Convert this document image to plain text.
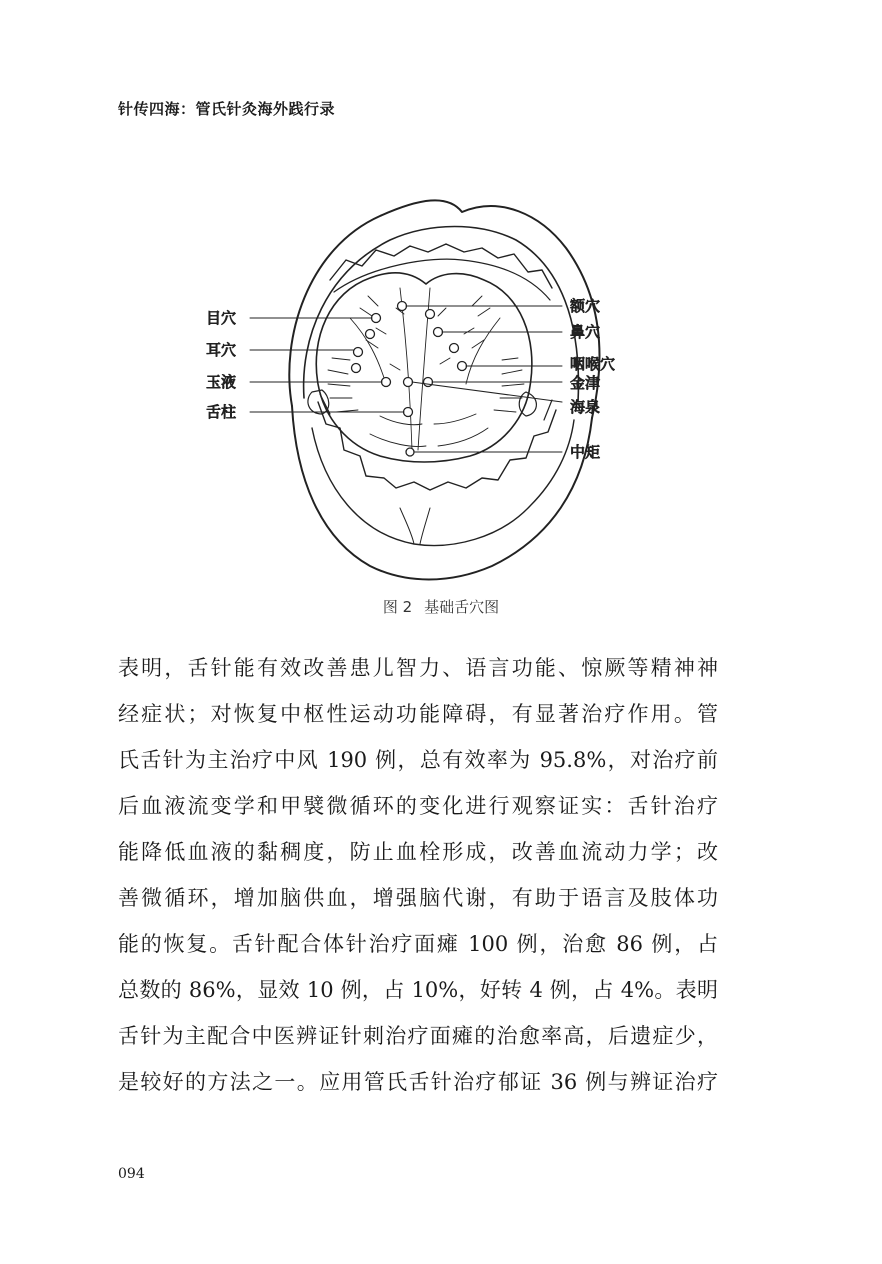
针传四海：管氏针灸海外践行录
目穴
耳穴
玉液
舌柱
额穴
鼻穴
咽喉穴
金津
海泉
中矩
图 2 基础舌穴图

表明，舌针能有效改善患儿智力、语言功能、惊厥等精神神

经症状；对恢复中枢性运动功能障碍，有显著治疗作用。管

氏舌针为主治疗中风 190 例，总有效率为 95.8%，对治疗前

后血液流变学和甲襞微循环的变化进行观察证实：舌针治疗

能降低血液的黏稠度，防止血栓形成，改善血流动力学；改

善微循环，增加脑供血，增强脑代谢，有助于语言及肢体功

能的恢复。舌针配合体针治疗面瘫 100 例，治愈 86 例，占

总数的 86%，显效 10 例，占 10%，好转 4 例，占 4%。表明

舌针为主配合中医辨证针刺治疗面瘫的治愈率高，后遗症少，

是较好的方法之一。应用管氏舌针治疗郁证 36 例与辨证治疗

094
